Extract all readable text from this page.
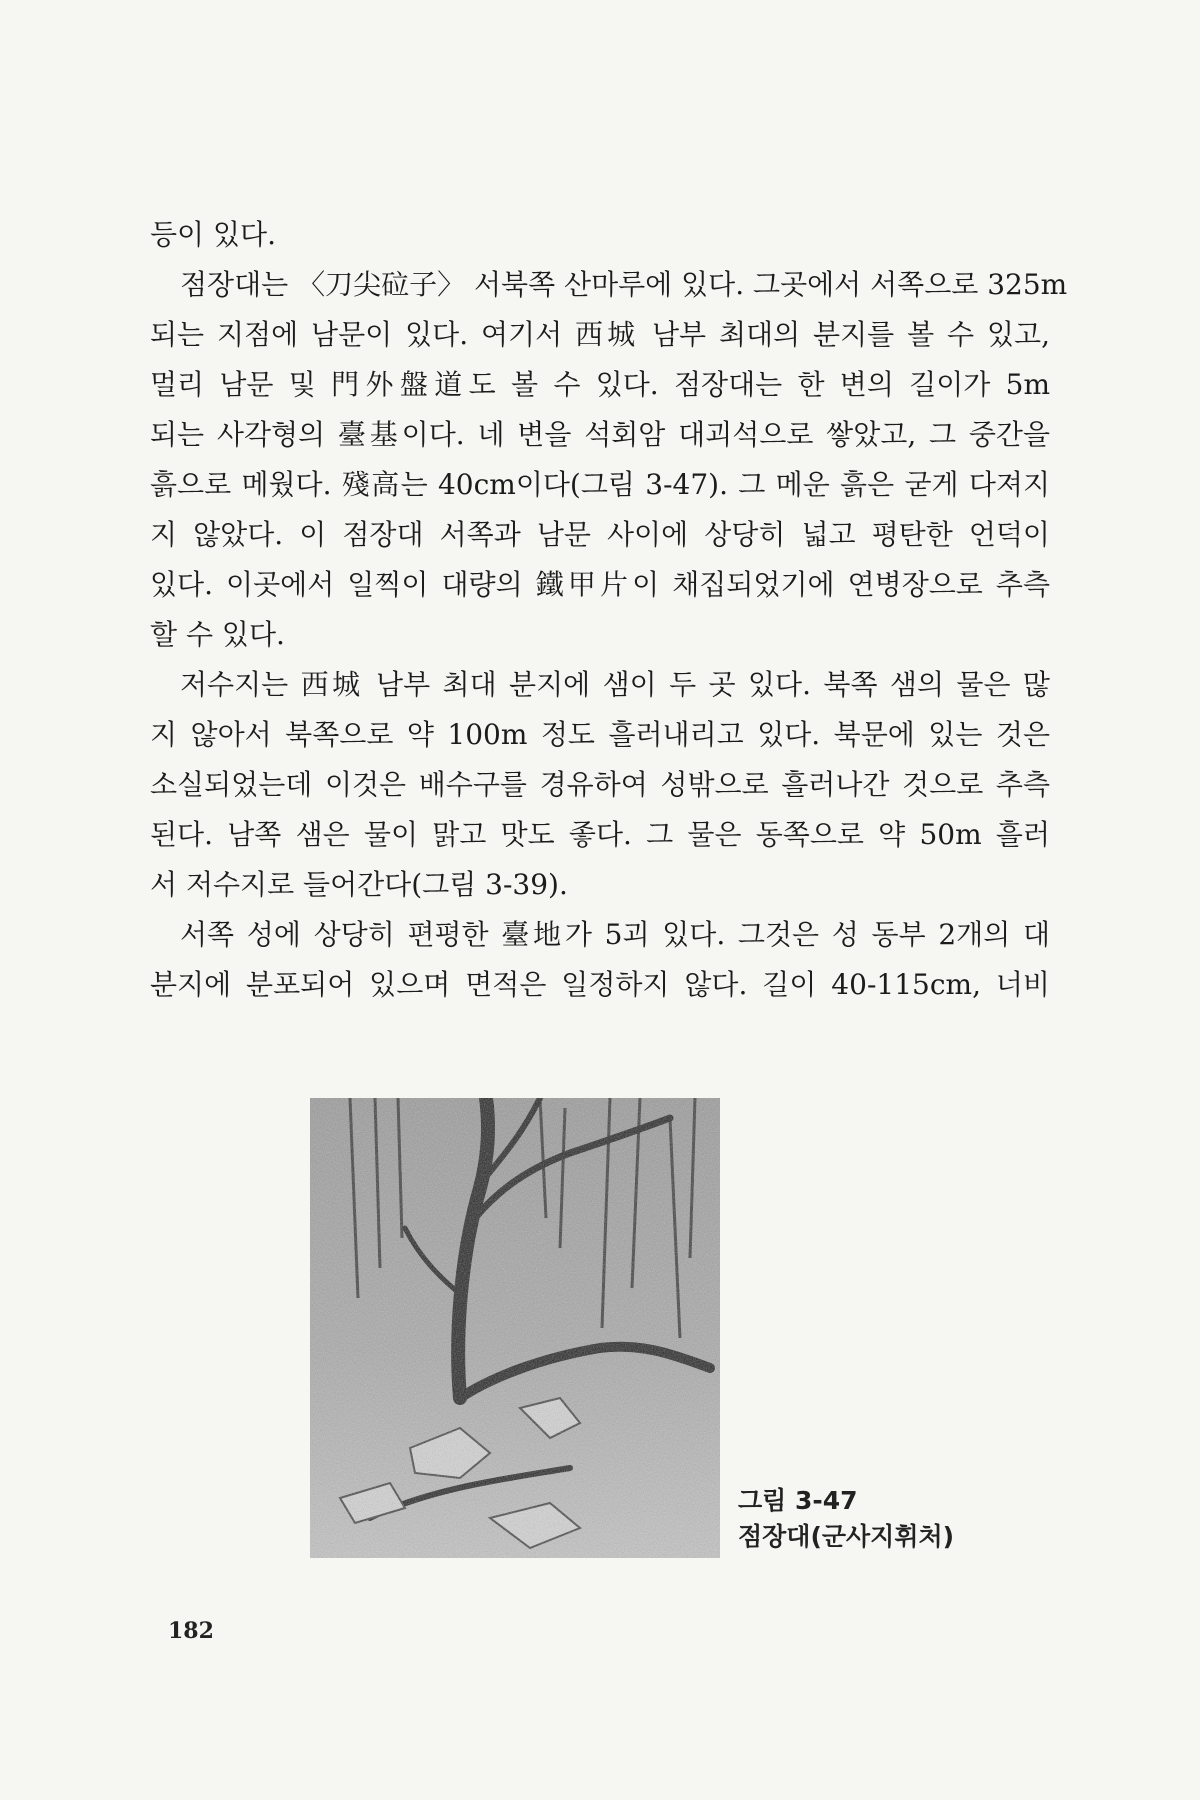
등이 있다.
점장대는 〈刀尖砬子〉 서북쪽 산마루에 있다. 그곳에서 서쪽으로 325m
되는 지점에 남문이 있다. 여기서 西城 남부 최대의 분지를 볼 수 있고,
멀리 남문 및 門外盤道도 볼 수 있다. 점장대는 한 변의 길이가 5m
되는 사각형의 臺基이다. 네 변을 석회암 대괴석으로 쌓았고, 그 중간을
흙으로 메웠다. 殘高는 40cm이다(그림 3-47). 그 메운 흙은 굳게 다져지
지 않았다. 이 점장대 서쪽과 남문 사이에 상당히 넓고 평탄한 언덕이
있다. 이곳에서 일찍이 대량의 鐵甲片이 채집되었기에 연병장으로 추측
할 수 있다.
저수지는 西城 남부 최대 분지에 샘이 두 곳 있다. 북쪽 샘의 물은 많
지 않아서 북쪽으로 약 100m 정도 흘러내리고 있다. 북문에 있는 것은
소실되었는데 이것은 배수구를 경유하여 성밖으로 흘러나간 것으로 추측
된다. 남쪽 샘은 물이 맑고 맛도 좋다. 그 물은 동쪽으로 약 50m 흘러
서 저수지로 들어간다(그림 3-39).
서쪽 성에 상당히 편평한 臺地가 5괴 있다. 그것은 성 동부 2개의 대
분지에 분포되어 있으며 면적은 일정하지 않다. 길이 40-115cm, 너비
그림 3-47
점장대(군사지휘처)
182
